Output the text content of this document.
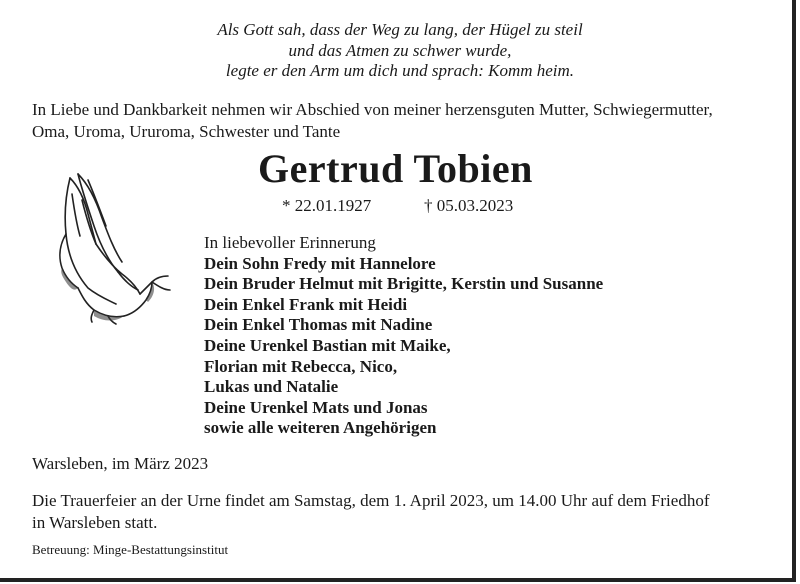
Als Gott sah, dass der Weg zu lang, der Hügel zu steil
und das Atmen zu schwer wurde,
legte er den Arm um dich und sprach: Komm heim.
In Liebe und Dankbarkeit nehmen wir Abschied von meiner herzensguten Mutter, Schwiegermutter,
Oma, Uroma, Ururoma, Schwester und Tante
Gertrud Tobien
* 22.01.1927	† 05.03.2023
In liebevoller Erinnerung
Dein Sohn Fredy mit Hannelore
Dein Bruder Helmut mit Brigitte, Kerstin und Susanne
Dein Enkel Frank mit Heidi
Dein Enkel Thomas mit Nadine
Deine Urenkel Bastian mit Maike,
Florian mit Rebecca, Nico,
Lukas und Natalie
Deine Urenkel Mats und Jonas
sowie alle weiteren Angehörigen
Warsleben, im März 2023
Die Trauerfeier an der Urne findet am Samstag, dem 1. April 2023, um 14.00 Uhr auf dem Friedhof
in Warsleben statt.
Betreuung: Minge-Bestattungsinstitut
